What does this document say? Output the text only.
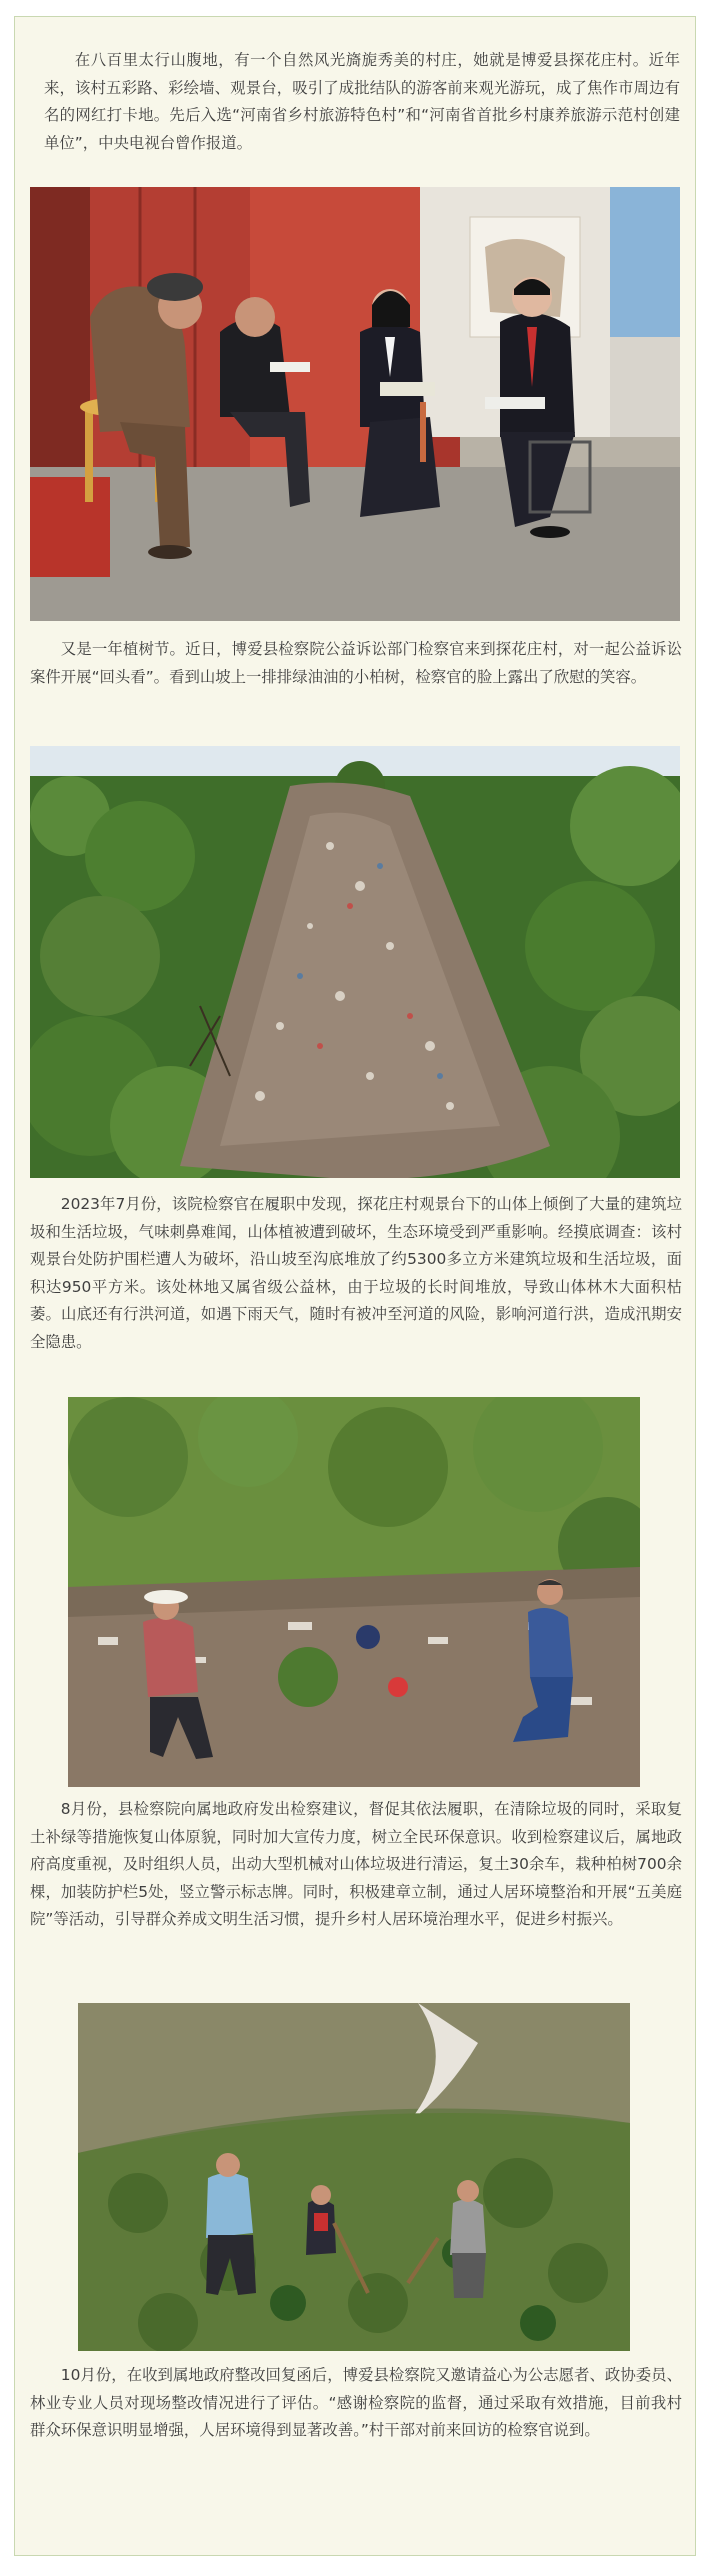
在八百里太行山腹地，有一个自然风光旖旎秀美的村庄，她就是博爱县探花庄村。近年来，该村五彩路、彩绘墙、观景台，吸引了成批结队的游客前来观光游玩，成了焦作市周边有名的网红打卡地。先后入选“河南省乡村旅游特色村”和“河南省首批乡村康养旅游示范村创建单位”，中央电视台曾作报道。

又是一年植树节。近日，博爱县检察院公益诉讼部门检察官来到探花庄村，对一起公益诉讼案件开展“回头看”。看到山坡上一排排绿油油的小柏树，检察官的脸上露出了欣慰的笑容。

2023年7月份，该院检察官在履职中发现，探花庄村观景台下的山体上倾倒了大量的建筑垃圾和生活垃圾，气味刺鼻难闻，山体植被遭到破坏，生态环境受到严重影响。经摸底调查：该村观景台处防护围栏遭人为破坏，沿山坡至沟底堆放了约5300多立方米建筑垃圾和生活垃圾，面积达950平方米。该处林地又属省级公益林，由于垃圾的长时间堆放，导致山体林木大面积枯萎。山底还有行洪河道，如遇下雨天气，随时有被冲至河道的风险，影响河道行洪，造成汛期安全隐患。

8月份，县检察院向属地政府发出检察建议，督促其依法履职，在清除垃圾的同时，采取复土补绿等措施恢复山体原貌，同时加大宣传力度，树立全民环保意识。收到检察建议后，属地政府高度重视，及时组织人员，出动大型机械对山体垃圾进行清运，复土30余车，栽种柏树700余棵，加装防护栏5处，竖立警示标志牌。同时，积极建章立制，通过人居环境整治和开展“五美庭院”等活动，引导群众养成文明生活习惯，提升乡村人居环境治理水平，促进乡村振兴。

10月份，在收到属地政府整改回复函后，博爱县检察院又邀请益心为公志愿者、政协委员、林业专业人员对现场整改情况进行了评估。“感谢检察院的监督，通过采取有效措施，目前我村群众环保意识明显增强，人居环境得到显著改善。”村干部对前来回访的检察官说到。
